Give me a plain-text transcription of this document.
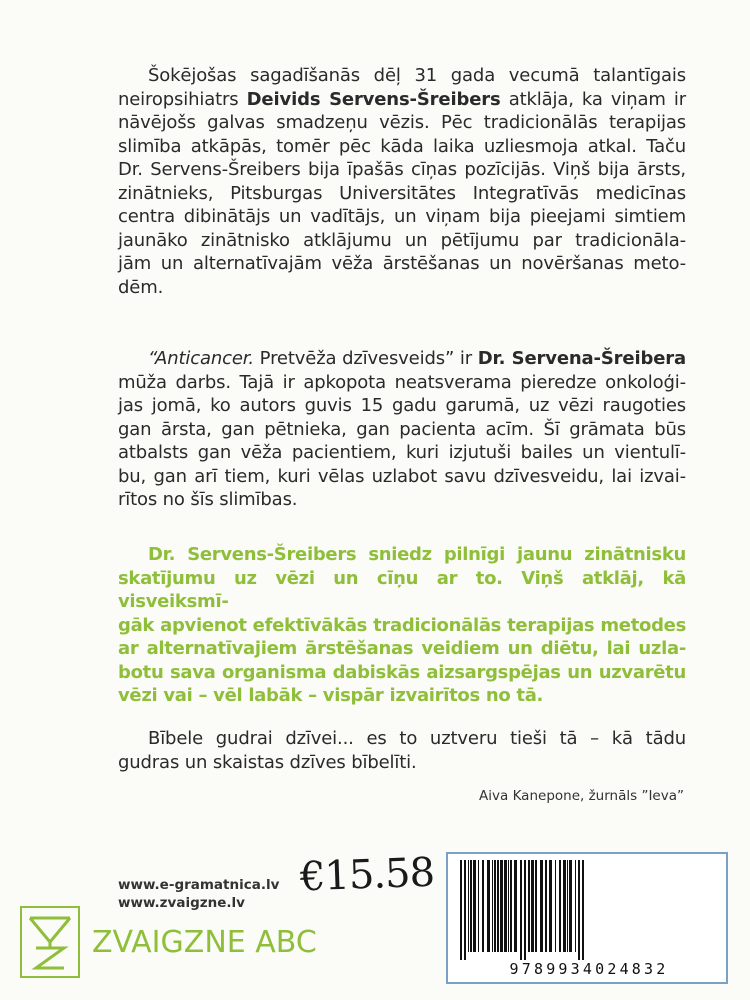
Šokējošas sagadīšanās dēļ 31 gada vecumā talantīgais
neiropsihiatrs Deivids Servens-Šreibers atklāja, ka viņam ir
nāvējošs galvas smadzeņu vēzis. Pēc tradicionālās terapijas
slimība atkāpās, tomēr pēc kāda laika uzliesmoja atkal. Taču
Dr. Servens-Šreibers bija īpašās cīņas pozīcijās. Viņš bija ārsts,
zinātnieks, Pitsburgas Universitātes Integratīvās medicīnas
centra dibinātājs un vadītājs, un viņam bija pieejami simtiem
jaunāko zinātnisko atklājumu un pētījumu par tradicionāla-
jām un alternatīvajām vēža ārstēšanas un novēršanas meto-
dēm.
“Anticancer. Pretvēža dzīvesveids” ir Dr. Servena-Šreibera
mūža darbs. Tajā ir apkopota neatsverama pieredze onkoloģi-
jas jomā, ko autors guvis 15 gadu garumā, uz vēzi raugoties
gan ārsta, gan pētnieka, gan pacienta acīm. Šī grāmata būs
atbalsts gan vēža pacientiem, kuri izjutuši bailes un vientulī-
bu, gan arī tiem, kuri vēlas uzlabot savu dzīvesveidu, lai izvai-
rītos no šīs slimības.
Dr. Servens-Šreibers sniedz pilnīgi jaunu zinātnisku
skatījumu uz vēzi un cīņu ar to. Viņš atklāj, kā visveiksmī-
gāk apvienot efektīvākās tradicionālās terapijas metodes
ar alternatīvajiem ārstēšanas veidiem un diētu, lai uzla-
botu sava organisma dabiskās aizsargspējas un uzvarētu
vēzi vai – vēl labāk – vispār izvairītos no tā.
Bībele gudrai dzīvei... es to uztveru tieši tā – kā tādu
gudras un skaistas dzīves bībelīti.
Aiva Kanepone, žurnāls ”Ieva”
www.e-gramatnica.lv
www.zvaigzne.lv
€15.58
ZVAIGZNE ABC
9789934024832
